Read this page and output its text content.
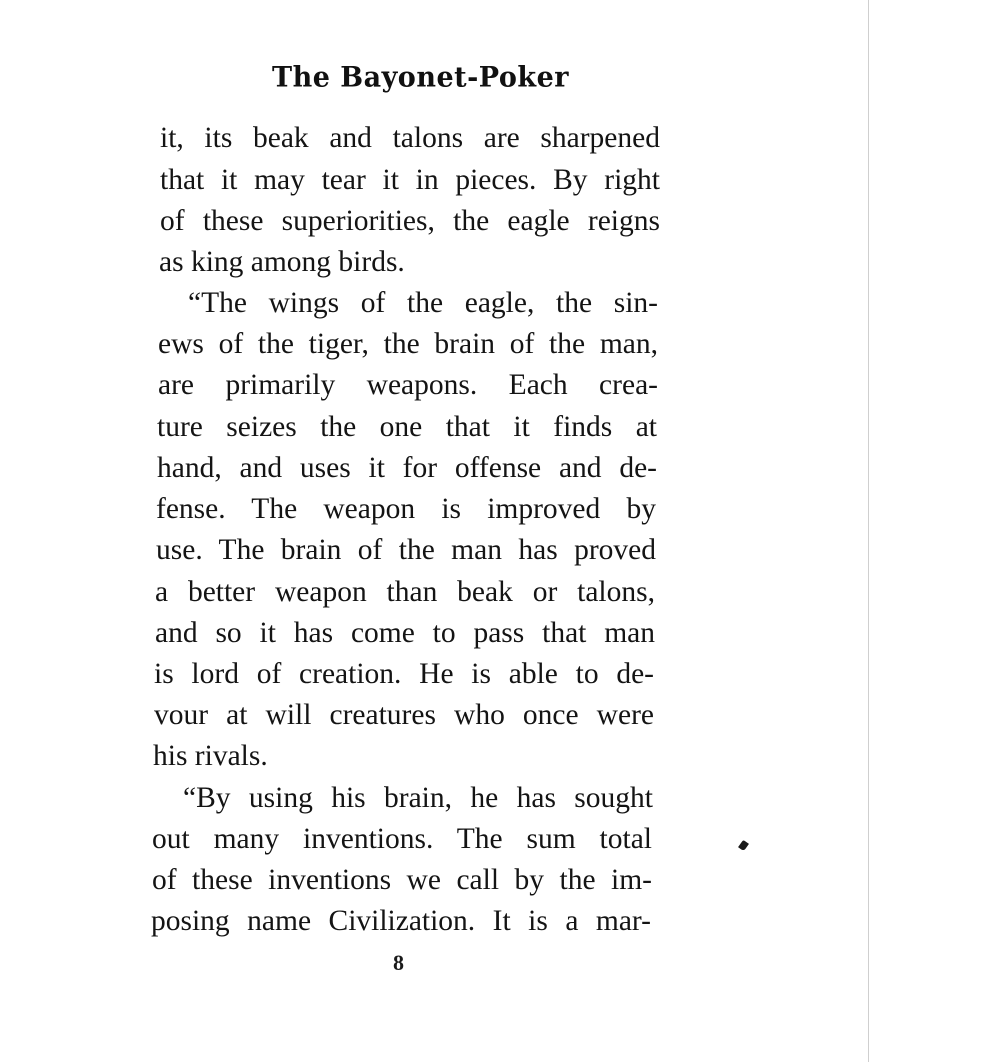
The Bayonet-Poker
it, its beak and talons are sharpened
that it may tear it in pieces. By right
of these superiorities, the eagle reigns
as king among birds.
“The wings of the eagle, the sin-
ews of the tiger, the brain of the man,
are primarily weapons. Each crea-
ture seizes the one that it finds at
hand, and uses it for offense and de-
fense. The weapon is improved by
use. The brain of the man has proved
a better weapon than beak or talons,
and so it has come to pass that man
is lord of creation. He is able to de-
vour at will creatures who once were
his rivals.
“By using his brain, he has sought
out many inventions. The sum total
of these inventions we call by the im-
posing name Civilization. It is a mar-
8
